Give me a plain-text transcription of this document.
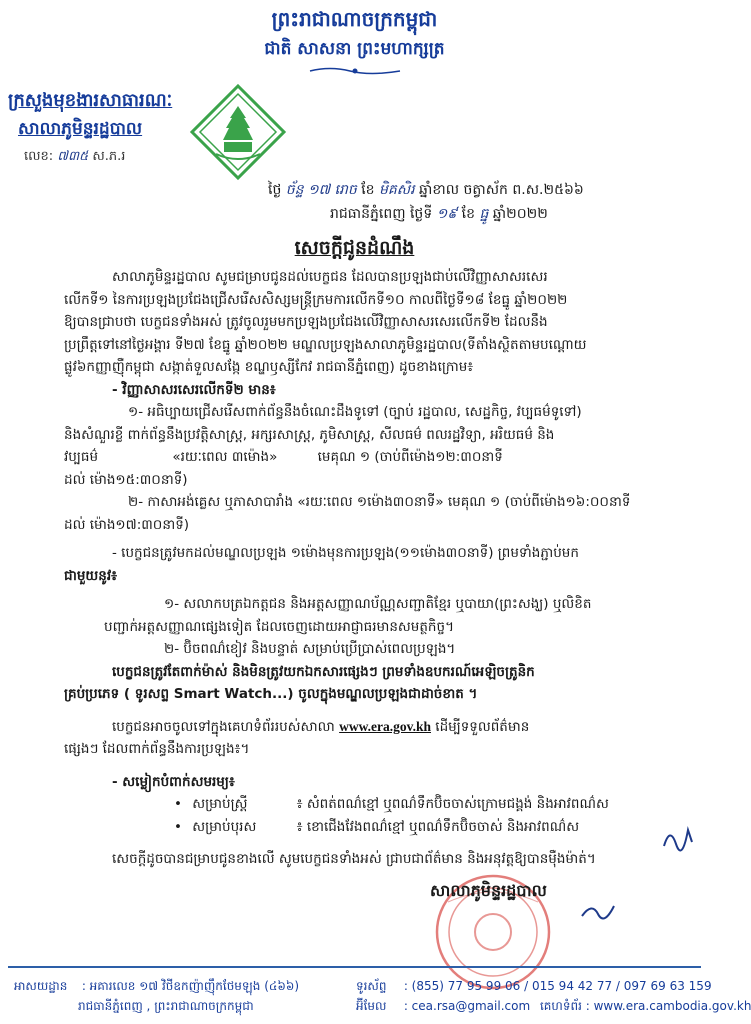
ព្រះរាជាណាចក្រកម្ពុជា
ជាតិ សាសនា ព្រះមហាក្សត្រ
ក្រសួងមុខងារសាធារណៈ
សាលាភូមិន្ទរដ្ឋបាល
លេខ: ៧៣៥ ស.ភ.រ
ថ្ងៃ ច័ន្ទ ១៧ រោច ខែ មិគសិរ ឆ្នាំខាល ចត្វាស័ក ព.ស.២៥៦៦
រាជធានីភ្នំពេញ ថ្ងៃទី ១៩ ខែ ធ្នូ ឆ្នាំ២០២២
សេចក្តីជូនដំណឹង
សាលាភូមិន្ទរដ្ឋបាល សូមជម្រាបជូនដល់បេក្ខជន ដែលបានប្រឡងជាប់លើវិញ្ញាសាសរសេរ
លើកទី១ នៃការប្រឡងប្រជែងជ្រើសរើសសិស្សមន្ត្រីក្រមការលើកទី១០ កាលពីថ្ងៃទី១៨ ខែធ្នូ ឆ្នាំ២០២២
ឱ្យបានជ្រាបថា បេក្ខជនទាំងអស់ ត្រូវចូលរួមមកប្រឡងប្រជែងលើវិញ្ញាសាសរសេរលើកទី២ ដែលនឹង
ប្រព្រឹត្តទៅនៅថ្ងៃអង្គារ ទី២៧ ខែធ្នូ ឆ្នាំ២០២២ មណ្ឌលប្រឡងសាលាភូមិន្ទរដ្ឋបាល(ទីតាំងស្ថិតតាមបណ្តោយ
ផ្លូវ៦កញ្ញាញ៉ឺកម្ពុជា សង្កាត់ទួលសង្កែ ខណ្ឌឫស្សីកែវ រាជធានីភ្នំពេញ) ដូចខាងក្រោម៖
- វិញ្ញាសាសរសេរលើកទី២ មាន៖
១- អធិប្បាយជ្រើសរើសពាក់ព័ន្ធនឹងចំណេះដឹងទូទៅ (ច្បាប់ រដ្ឋបាល, សេដ្ឋកិច្ច, វប្បធម៌ទូទៅ)
និងសំណួរខ្លី ពាក់ព័ន្ធនឹងប្រវត្តិសាស្ត្រ, អក្សរសាស្ត្រ, ភូមិសាស្ត្រ, សីលធម៌ ពលរដ្ឋវិទ្យា, អរិយធម៌ និង
វប្បធម៌	«រយៈពេល ៣ម៉ោង»	មេគុណ ១ (ចាប់ពីម៉ោង១២:៣០នាទី
ដល់ ម៉ោង១៥:៣០នាទី)
២- កាសាអង់គ្លេស ឬភាសាបារាំង «រយៈពេល ១ម៉ោង៣០នាទី» មេគុណ ១ (ចាប់ពីម៉ោង១៦:០០នាទី
ដល់ ម៉ោង១៧:៣០នាទី)
- បេក្ខជនត្រូវមកដល់មណ្ឌលប្រឡង ១ម៉ោងមុនការប្រឡង(១១ម៉ោង៣០នាទី) ព្រមទាំងភ្ជាប់មក
ជាមួយនូវ៖
១- សលាកបត្រឯកត្តជន និងអត្តសញ្ញាណប័ណ្ណសញ្ជាតិខ្មែរ ឬបាយា(ព្រះសង្ឃ) ឬលិខិត
បញ្ជាក់អត្តសញ្ញាណផ្សេងទៀត ដែលចេញដោយអាជ្ញាធរមានសមត្ថកិច្ច។
២- ប៊ិចពណ៌ខៀវ និងបន្ទាត់ សម្រាប់ប្រើប្រាស់ពេលប្រឡង។
បេក្ខជនត្រូវតែពាក់ម៉ាស់ និងមិនត្រូវយកឯកសារផ្សេងៗ ព្រមទាំងឧបករណ៍អេឡិចត្រូនិក
គ្រប់ប្រភេទ ( ទូរសព្ទ Smart Watch...) ចូលក្នុងមណ្ឌលប្រឡងជាដាច់ខាត ។
បេក្ខជនអាចចូលទៅក្នុងគេហទំព័ររបស់សាលា www.era.gov.kh ដើម្បីទទួលព័ត៌មាន
ផ្សេងៗ ដែលពាក់ព័ន្ធនឹងការប្រឡង៖។
- សម្លៀកបំពាក់សមរម្យ៖
• សម្រាប់ស្ត្រី	៖ សំពត់ពណ៌ខ្មៅ ឬពណ៌ទឹកប៊ិចចាស់ក្រោមជង្គង់ និងអាវពណ៌ស
• សម្រាប់បុរស	៖ ខោជើងវែងពណ៌ខ្មៅ ឬពណ៌ទឹកប៊ិចចាស់ និងអាវពណ៌ស
សេចក្តីដូចបានជម្រាបជូនខាងលើ សូមបេក្ខជនទាំងអស់ ជ្រាបជាព័ត៌មាន និងអនុវត្តឱ្យបានម៉ឺងម៉ាត់។
សាលាភូមិន្ទរដ្ឋបាល
អាសយដ្ឋាន : អគារលេខ ១៧ វិថីឧកញ៉ាញ៉ឹកថែមឡុង (៤៦៦)
រាជធានីភ្នំពេញ , ព្រះរាជាណាចក្រកម្ពុជា
ទូរស័ព្ទ : (855) 77 95 99 06 / 015 94 42 77 / 097 69 63 159
អ៊ីមែល : cea.rsa@gmail.com គេហទំព័រ : www.era.cambodia.gov.kh
